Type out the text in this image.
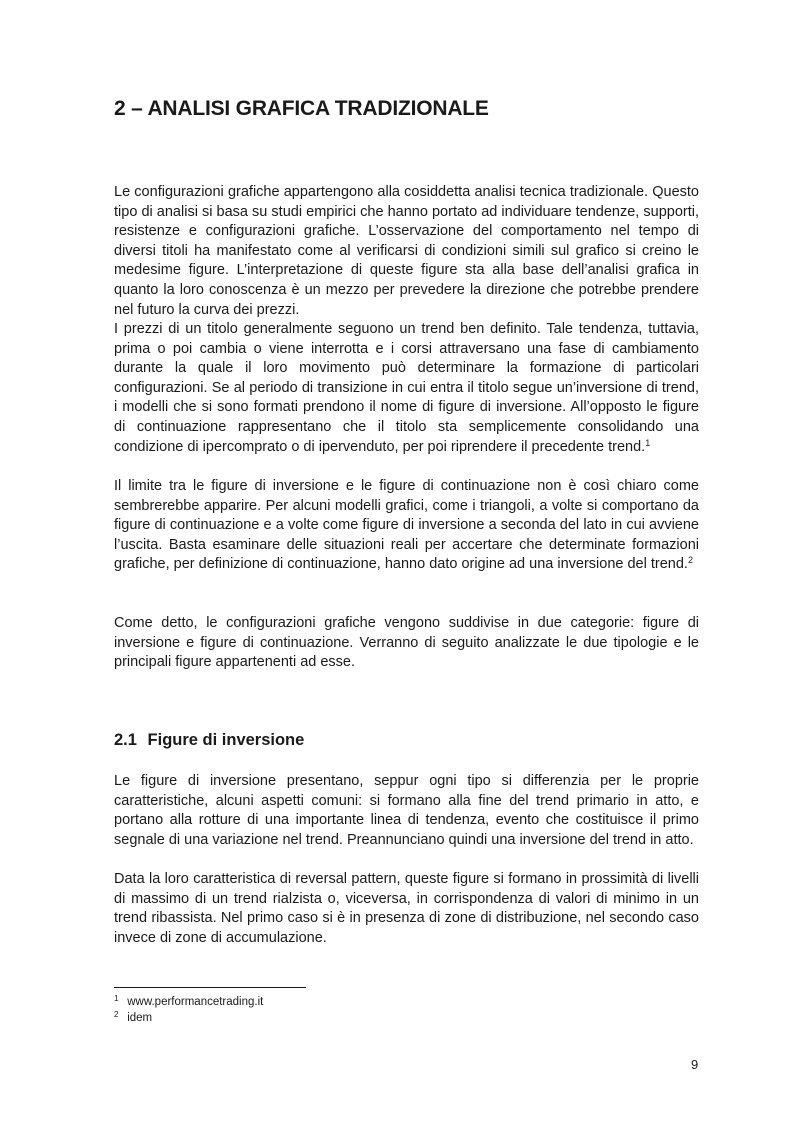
2 – ANALISI GRAFICA TRADIZIONALE

Le configurazioni grafiche appartengono alla cosiddetta analisi tecnica tradizionale. Questo tipo di analisi si basa su studi empirici che hanno portato ad individuare tendenze, supporti, resistenze e configurazioni grafiche. L’osservazione del comportamento nel tempo di diversi titoli ha manifestato come al verificarsi di condizioni simili sul grafico si creino le medesime figure. L’interpretazione di queste figure sta alla base dell’analisi grafica in quanto la loro conoscenza è un mezzo per prevedere la direzione che potrebbe prendere nel futuro la curva dei prezzi.

I prezzi di un titolo generalmente seguono un trend ben definito. Tale tendenza, tuttavia, prima o poi cambia o viene interrotta e i corsi attraversano una fase di cambiamento durante la quale il loro movimento può determinare la formazione di particolari configurazioni. Se al periodo di transizione in cui entra il titolo segue un’inversione di trend, i modelli che si sono formati prendono il nome di figure di inversione. All’opposto le figure di continuazione rappresentano che il titolo sta semplicemente consolidando una condizione di ipercomprato o di ipervenduto, per poi riprendere il precedente trend.$^1$

Il limite tra le figure di inversione e le figure di continuazione non è così chiaro come sembrerebbe apparire. Per alcuni modelli grafici, come i triangoli, a volte si comportano da figure di continuazione e a volte come figure di inversione a seconda del lato in cui avviene l’uscita. Basta esaminare delle situazioni reali per accertare che determinate formazioni grafiche, per definizione di continuazione, hanno dato origine ad una inversione del trend.$^2$

Come detto, le configurazioni grafiche vengono suddivise in due categorie: figure di inversione e figure di continuazione. Verranno di seguito analizzate le due tipologie e le principali figure appartenenti ad esse.

2.1 Figure di inversione

Le figure di inversione presentano, seppur ogni tipo si differenzia per le proprie caratteristiche, alcuni aspetti comuni: si formano alla fine del trend primario in atto, e portano alla rotture di una importante linea di tendenza, evento che costituisce il primo segnale di una variazione nel trend. Preannunciano quindi una inversione del trend in atto.

Data la loro caratteristica di reversal pattern, queste figure si formano in prossimità di livelli di massimo di un trend rialzista o, viceversa, in corrispondenza di valori di minimo in un trend ribassista. Nel primo caso si è in presenza di zone di distribuzione, nel secondo caso invece di zone di accumulazione.

1 www.performancetrading.it
2 idem
9
